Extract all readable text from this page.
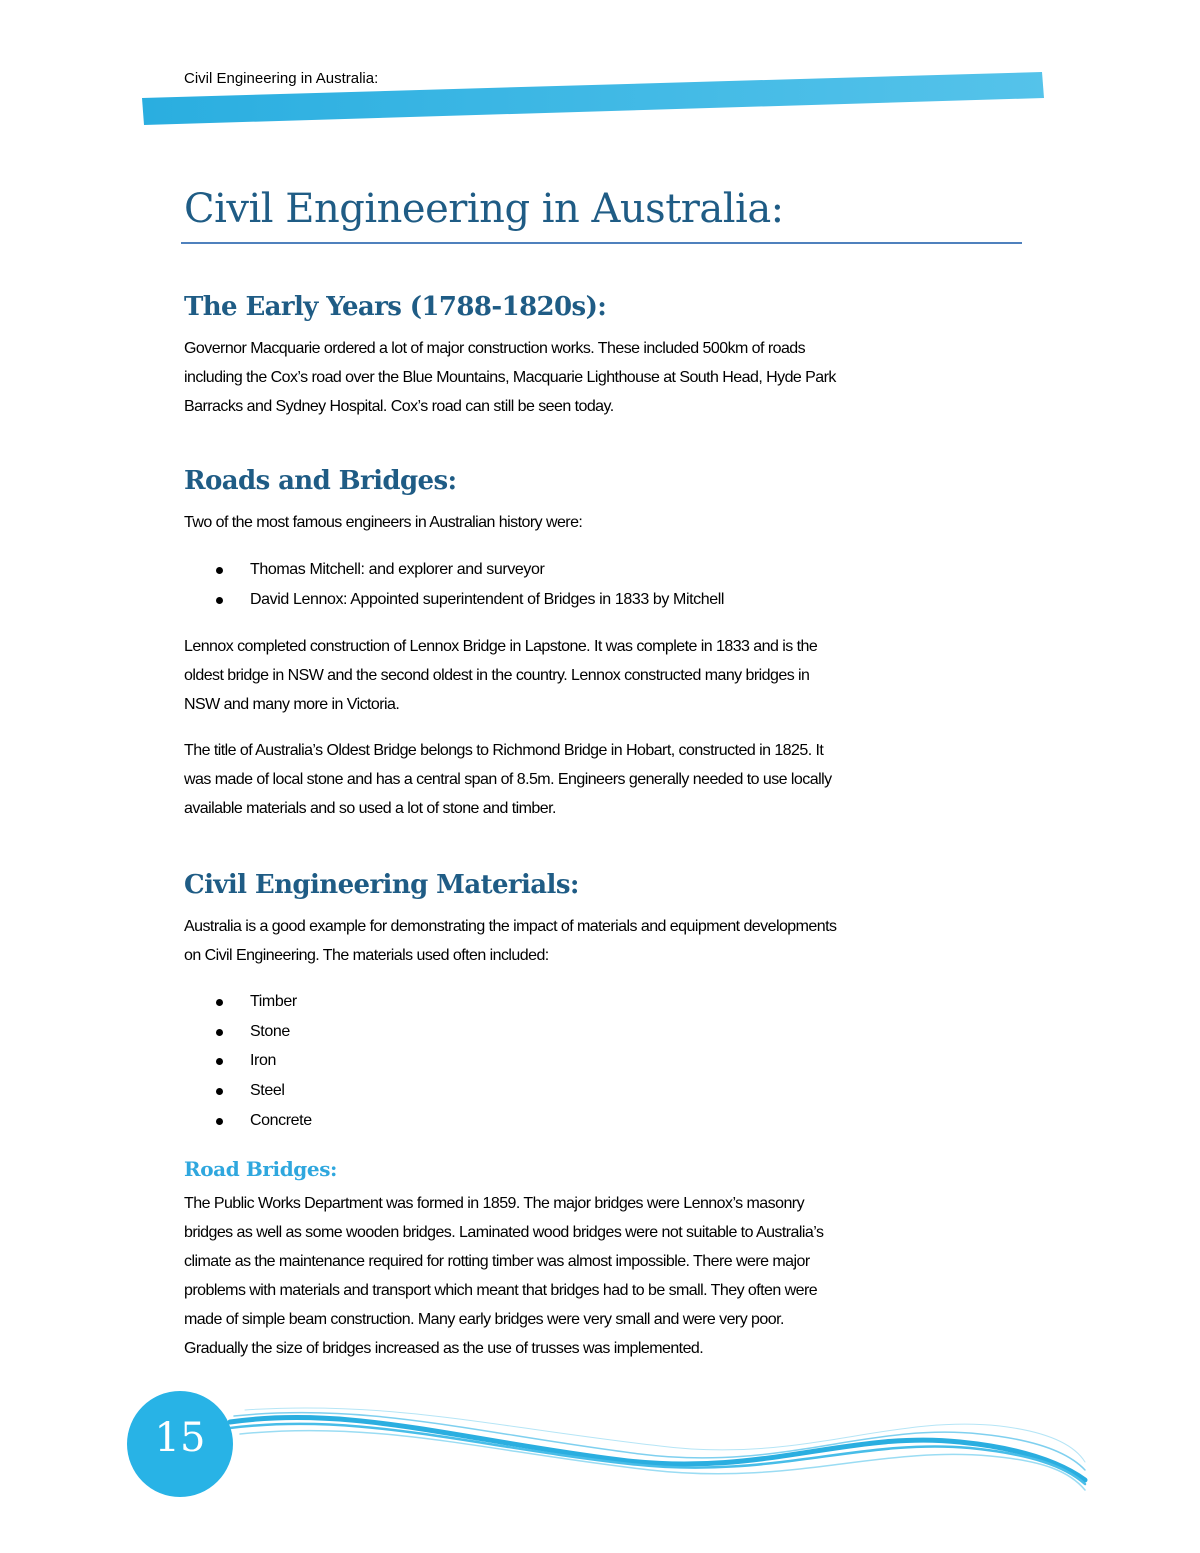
Civil Engineering in Australia:
Civil Engineering in Australia:
The Early Years (1788-1820s):
Governor Macquarie ordered a lot of major construction works. These included 500km of roads
including the Cox’s road over the Blue Mountains, Macquarie Lighthouse at South Head, Hyde Park
Barracks and Sydney Hospital. Cox’s road can still be seen today.
Roads and Bridges:
Two of the most famous engineers in Australian history were:
Thomas Mitchell: and explorer and surveyor
David Lennox: Appointed superintendent of Bridges in 1833 by Mitchell
Lennox completed construction of Lennox Bridge in Lapstone. It was complete in 1833 and is the
oldest bridge in NSW and the second oldest in the country. Lennox constructed many bridges in
NSW and many more in Victoria.
The title of Australia’s Oldest Bridge belongs to Richmond Bridge in Hobart, constructed in 1825. It
was made of local stone and has a central span of 8.5m. Engineers generally needed to use locally
available materials and so used a lot of stone and timber.
Civil Engineering Materials:
Australia is a good example for demonstrating the impact of materials and equipment developments
on Civil Engineering. The materials used often included:
Timber
Stone
Iron
Steel
Concrete
Road Bridges:
The Public Works Department was formed in 1859. The major bridges were Lennox’s masonry
bridges as well as some wooden bridges. Laminated wood bridges were not suitable to Australia’s
climate as the maintenance required for rotting timber was almost impossible. There were major
problems with materials and transport which meant that bridges had to be small. They often were
made of simple beam construction. Many early bridges were very small and were very poor.
Gradually the size of bridges increased as the use of trusses was implemented.
15
